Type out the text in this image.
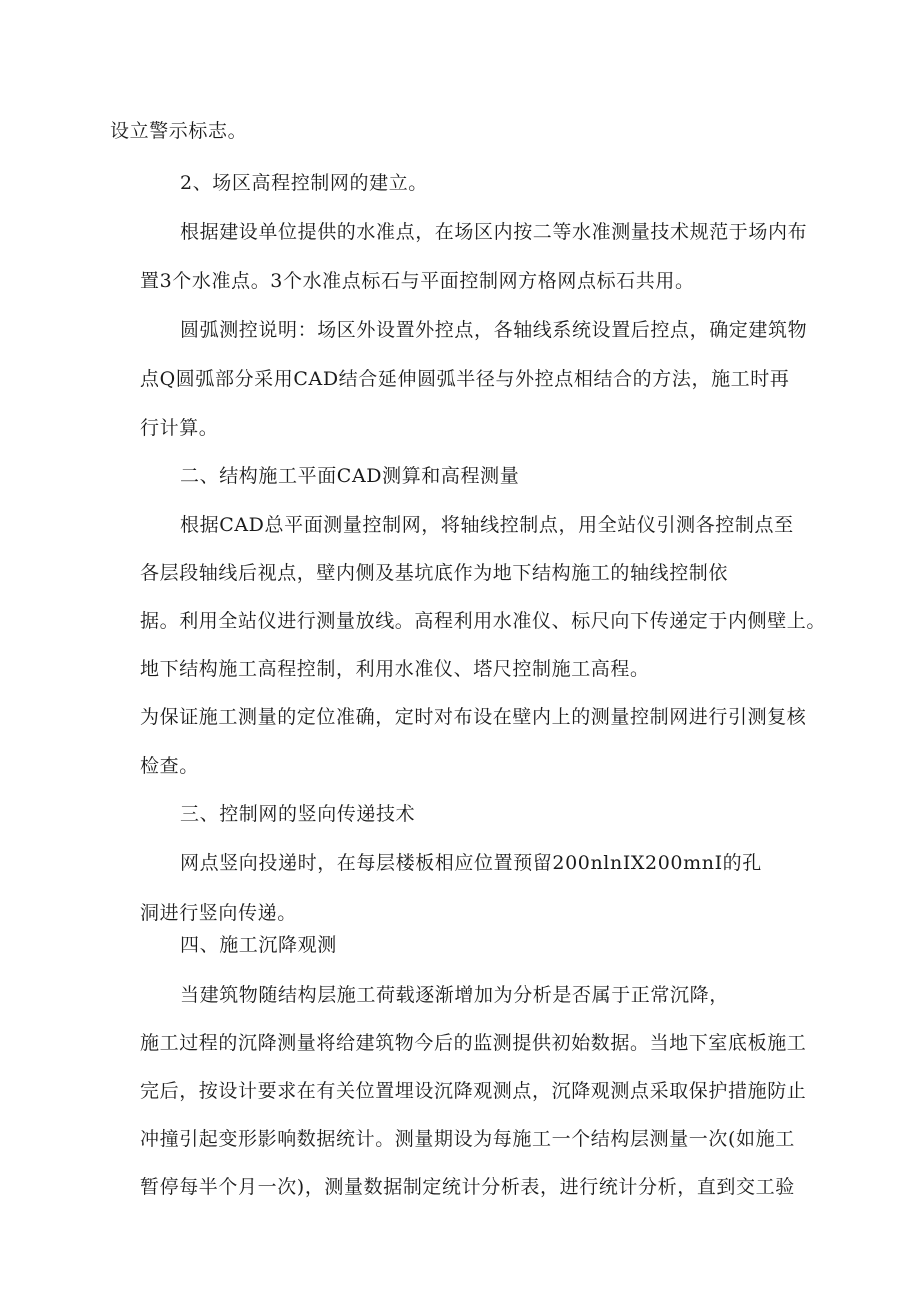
设立警示标志。
2、场区高程控制网的建立。
根据建设单位提供的水准点，在场区内按二等水准测量技术规范于场内布
置3个水准点。3个水准点标石与平面控制网方格网点标石共用。
圆弧测控说明：场区外设置外控点，各轴线系统设置后控点，确定建筑物
点Q圆弧部分采用CAD结合延伸圆弧半径与外控点相结合的方法，施工时再
行计算。
二、结构施工平面CAD测算和高程测量
根据CAD总平面测量控制网，将轴线控制点，用全站仪引测各控制点至
各层段轴线后视点，壁内侧及基坑底作为地下结构施工的轴线控制依
据。利用全站仪进行测量放线。高程利用水准仪、标尺向下传递定于内侧壁上。
地下结构施工高程控制，利用水准仪、塔尺控制施工高程。
为保证施工测量的定位准确，定时对布设在壁内上的测量控制网进行引测复核
检查。
三、控制网的竖向传递技术
网点竖向投递时，在每层楼板相应位置预留200nlnIX200mnI的孔
洞进行竖向传递。
四、施工沉降观测
当建筑物随结构层施工荷载逐渐增加为分析是否属于正常沉降，
施工过程的沉降测量将给建筑物今后的监测提供初始数据。当地下室底板施工
完后，按设计要求在有关位置埋设沉降观测点，沉降观测点采取保护措施防止
冲撞引起变形影响数据统计。测量期设为每施工一个结构层测量一次(如施工
暂停每半个月一次)，测量数据制定统计分析表，进行统计分析，直到交工验
